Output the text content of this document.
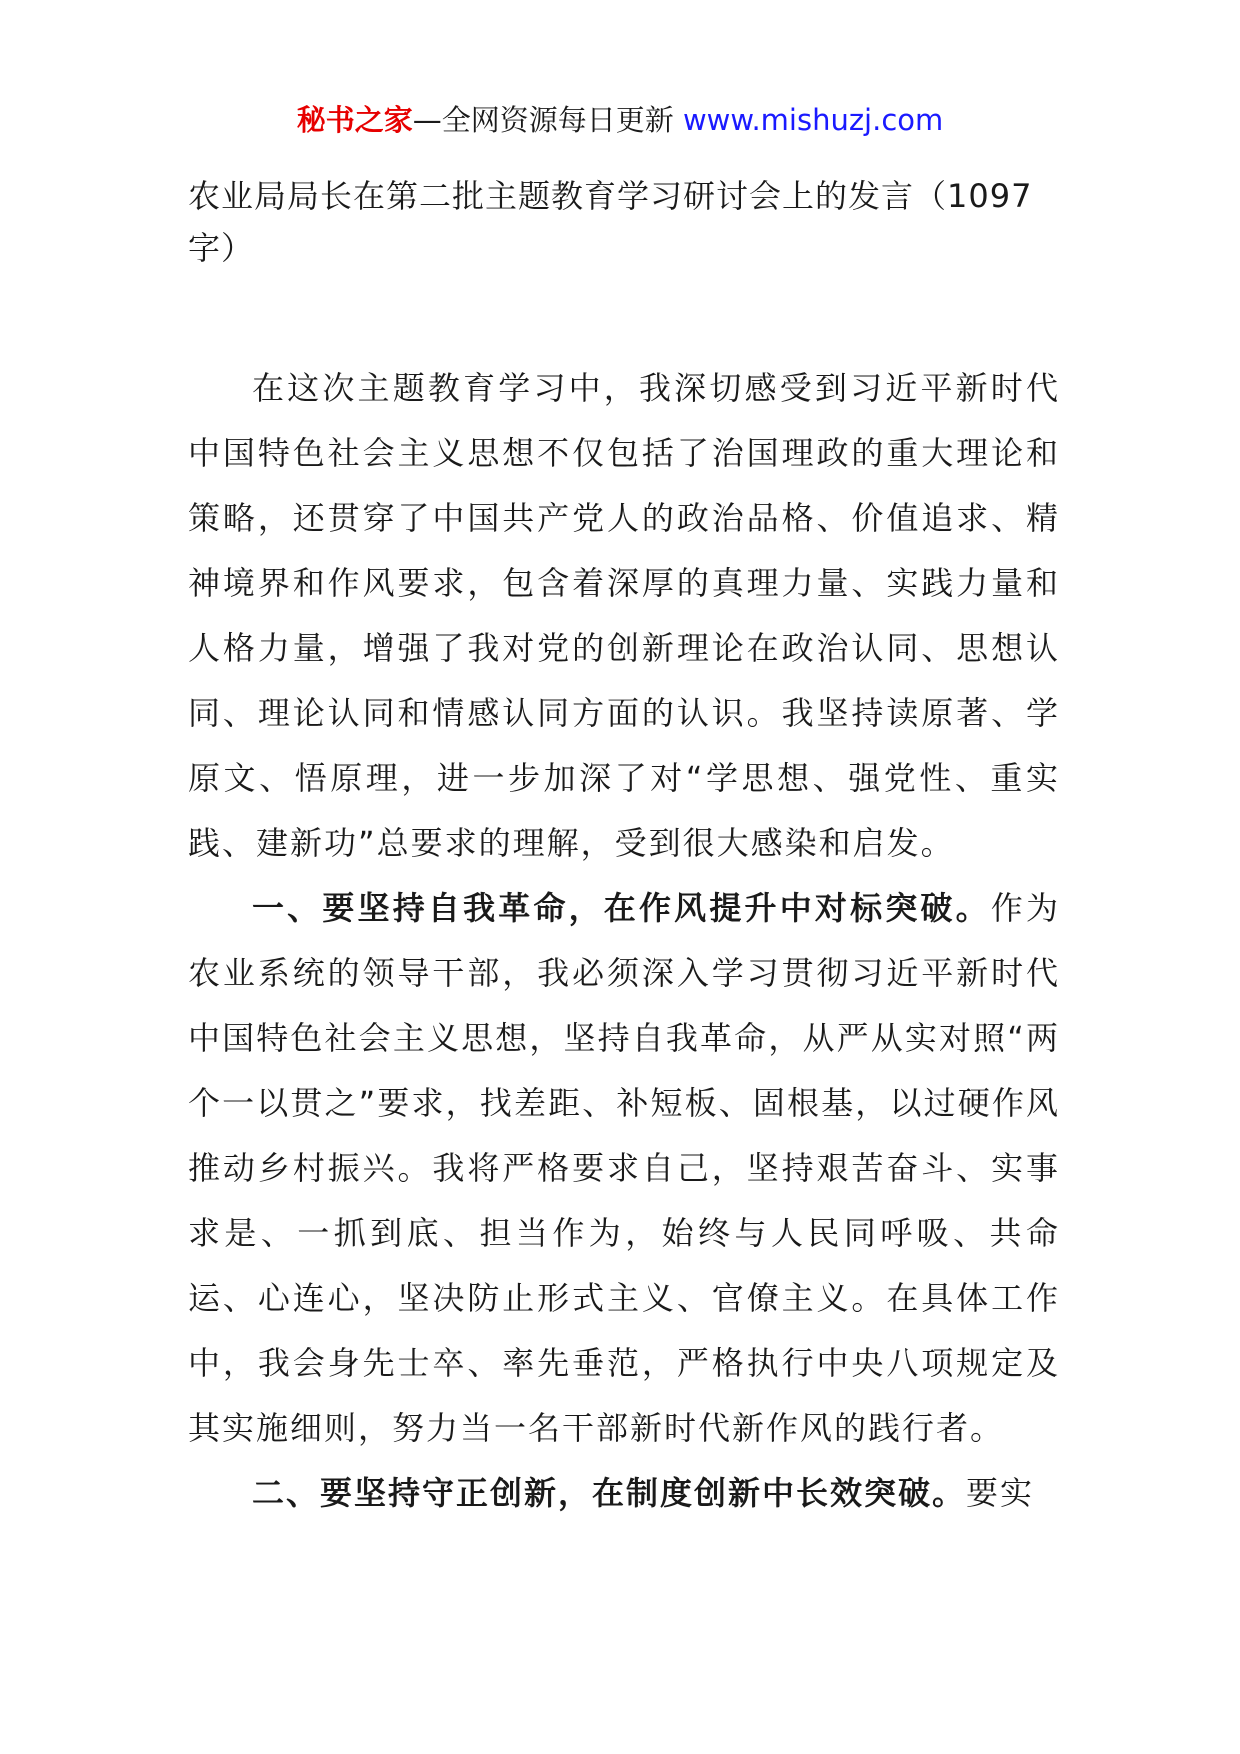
秘书之家—全网资源每日更新 www.mishuzj.com
农业局局长在第二批主题教育学习研讨会上的发言（1097字）

在这次主题教育学习中，我深切感受到习近平新时代中国特色社会主义思想不仅包括了治国理政的重大理论和策略，还贯穿了中国共产党人的政治品格、价值追求、精神境界和作风要求，包含着深厚的真理力量、实践力量和人格力量，增强了我对党的创新理论在政治认同、思想认同、理论认同和情感认同方面的认识。我坚持读原著、学原文、悟原理，进一步加深了对“学思想、强党性、重实践、建新功”总要求的理解，受到很大感染和启发。

一、要坚持自我革命，在作风提升中对标突破。作为农业系统的领导干部，我必须深入学习贯彻习近平新时代中国特色社会主义思想，坚持自我革命，从严从实对照“两个一以贯之”要求，找差距、补短板、固根基，以过硬作风推动乡村振兴。我将严格要求自己，坚持艰苦奋斗、实事求是、一抓到底、担当作为，始终与人民同呼吸、共命运、心连心，坚决防止形式主义、官僚主义。在具体工作中，我会身先士卒、率先垂范，严格执行中央八项规定及其实施细则，努力当一名干部新时代新作风的践行者。

二、要坚持守正创新，在制度创新中长效突破。要实
